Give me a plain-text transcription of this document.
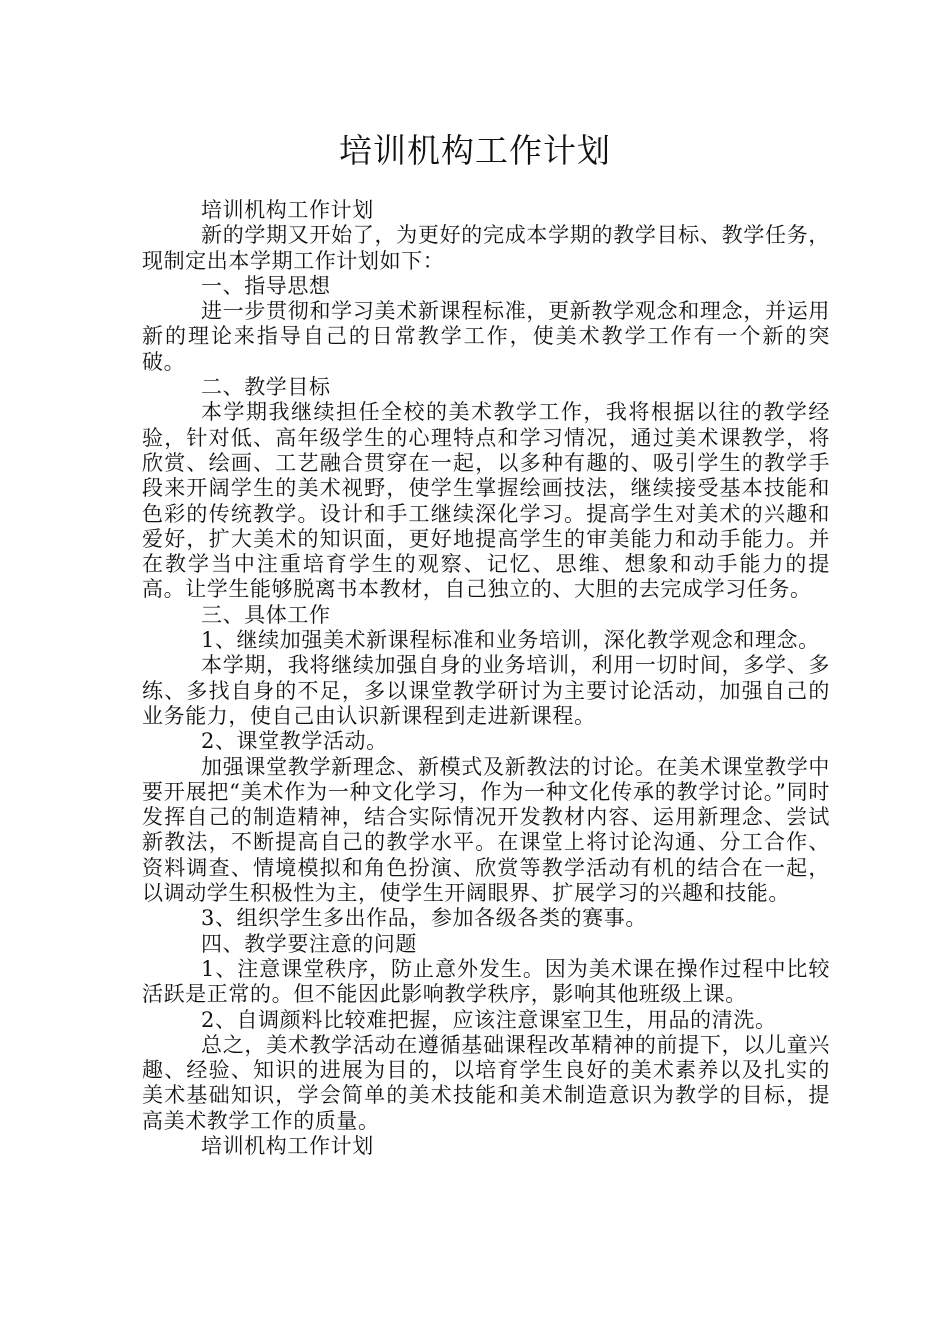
培训机构工作计划

培训机构工作计划

新的学期又开始了，为更好的完成本学期的教学目标、教学任务，现制定出本学期工作计划如下：

一、指导思想

进一步贯彻和学习美术新课程标准，更新教学观念和理念，并运用新的理论来指导自己的日常教学工作，使美术教学工作有一个新的突破。

二、教学目标

本学期我继续担任全校的美术教学工作，我将根据以往的教学经验，针对低、高年级学生的心理特点和学习情况，通过美术课教学，将欣赏、绘画、工艺融合贯穿在一起，以多种有趣的、吸引学生的教学手段来开阔学生的美术视野，使学生掌握绘画技法，继续接受基本技能和色彩的传统教学。设计和手工继续深化学习。提高学生对美术的兴趣和爱好，扩大美术的知识面，更好地提高学生的审美能力和动手能力。并在教学当中注重培育学生的观察、记忆、思维、想象和动手能力的提高。让学生能够脱离书本教材，自己独立的、大胆的去完成学习任务。

三、具体工作

1、继续加强美术新课程标准和业务培训，深化教学观念和理念。

本学期，我将继续加强自身的业务培训，利用一切时间，多学、多练、多找自身的不足，多以课堂教学研讨为主要讨论活动，加强自己的业务能力，使自己由认识新课程到走进新课程。

2、课堂教学活动。

加强课堂教学新理念、新模式及新教法的讨论。在美术课堂教学中要开展把“美术作为一种文化学习，作为一种文化传承的教学讨论。”同时发挥自己的制造精神，结合实际情况开发教材内容、运用新理念、尝试新教法，不断提高自己的教学水平。在课堂上将讨论沟通、分工合作、资料调查、情境模拟和角色扮演、欣赏等教学活动有机的结合在一起，以调动学生积极性为主，使学生开阔眼界、扩展学习的兴趣和技能。

3、组织学生多出作品，参加各级各类的赛事。

四、教学要注意的问题

1、注意课堂秩序，防止意外发生。因为美术课在操作过程中比较活跃是正常的。但不能因此影响教学秩序，影响其他班级上课。

2、自调颜料比较难把握，应该注意课室卫生，用品的清洗。

总之，美术教学活动在遵循基础课程改革精神的前提下，以儿童兴趣、经验、知识的进展为目的，以培育学生良好的美术素养以及扎实的美术基础知识，学会简单的美术技能和美术制造意识为教学的目标，提高美术教学工作的质量。

培训机构工作计划
